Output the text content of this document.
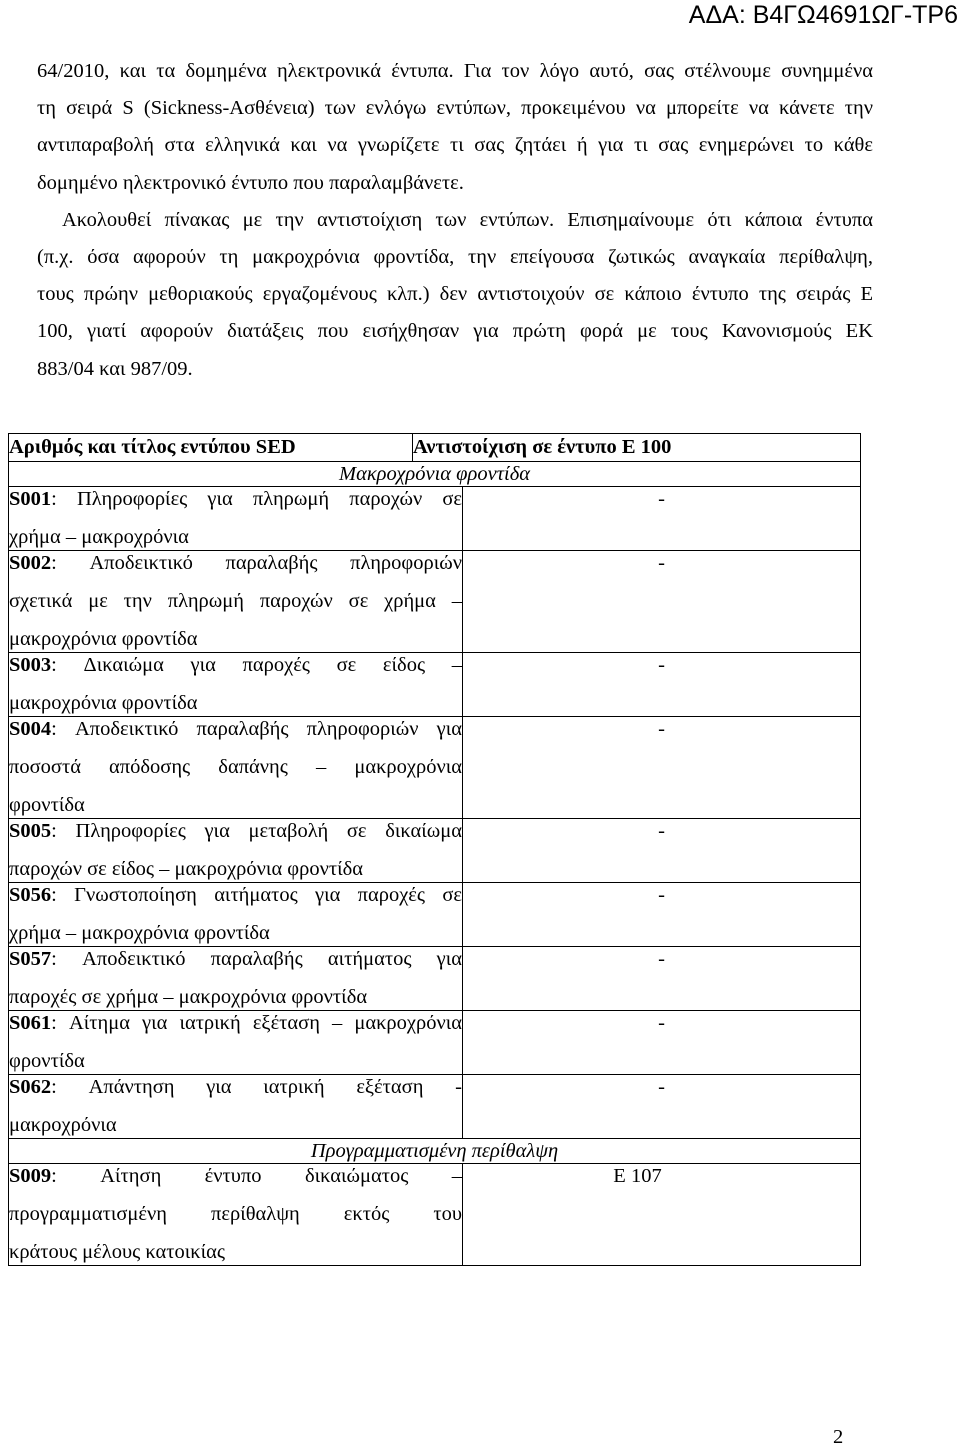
ΑΔΑ: Β4ΓΩ4691ΩΓ-ΤΡ6
64/2010, και τα δομημένα ηλεκτρονικά έντυπα. Για τον λόγο αυτό, σας στέλνουμε συνημμένα
τη σειρά S (Sickness-Ασθένεια) των ενλόγω εντύπων, προκειμένου να μπορείτε να κάνετε την
αντιπαραβολή στα ελληνικά και να γνωρίζετε τι σας ζητάει ή για τι σας ενημερώνει το κάθε
δομημένο ηλεκτρονικό έντυπο που παραλαμβάνετε.
Ακολουθεί πίνακας με την αντιστοίχιση των εντύπων. Επισημαίνουμε ότι κάποια έντυπα
(π.χ. όσα αφορούν τη μακροχρόνια φροντίδα, την επείγουσα ζωτικώς αναγκαία περίθαλψη,
τους πρώην μεθοριακούς εργαζομένους κλπ.) δεν αντιστοιχούν σε κάποιο έντυπο της σειράς Ε
100, γιατί αφορούν διατάξεις που εισήχθησαν για πρώτη φορά με τους Κανονισμούς ΕΚ
883/04 και 987/09.
Αριθμός και τίτλος εντύπου SED	Αντιστοίχιση σε έντυπο Ε 100	
Μακροχρόνια φροντίδα		

S001: Πληροφορίες για πληρωμή παροχών σε
χρήμα – μακροχρόνια		-

S002: Αποδεικτικό παραλαβής πληροφοριών
σχετικά με την πληρωμή παροχών σε χρήμα –
μακροχρόνια φροντίδα		-

S003: Δικαιώμα για παροχές σε είδος –
μακροχρόνια φροντίδα		-

S004: Αποδεικτικό παραλαβής πληροφοριών για
ποσοστά απόδοσης δαπάνης – μακροχρόνια
φροντίδα		-

S005: Πληροφορίες για μεταβολή σε δικαίωμα
παροχών σε είδος – μακροχρόνια φροντίδα		-

S056: Γνωστοποίηση αιτήματος για παροχές σε
χρήμα – μακροχρόνια φροντίδα		-

S057: Αποδεικτικό παραλαβής αιτήματος για
παροχές σε χρήμα – μακροχρόνια φροντίδα		-

S061: Αίτημα για ιατρική εξέταση – μακροχρόνια
φροντίδα		-

S062: Απάντηση για ιατρική εξέταση -
μακροχρόνια		-
Προγραμματισμένη περίθαλψη		

S009: Αίτηση έντυπο δικαιώματος –
προγραμματισμένη περίθαλψη εκτός του
κράτους μέλους κατοικίας		Ε 107
2
